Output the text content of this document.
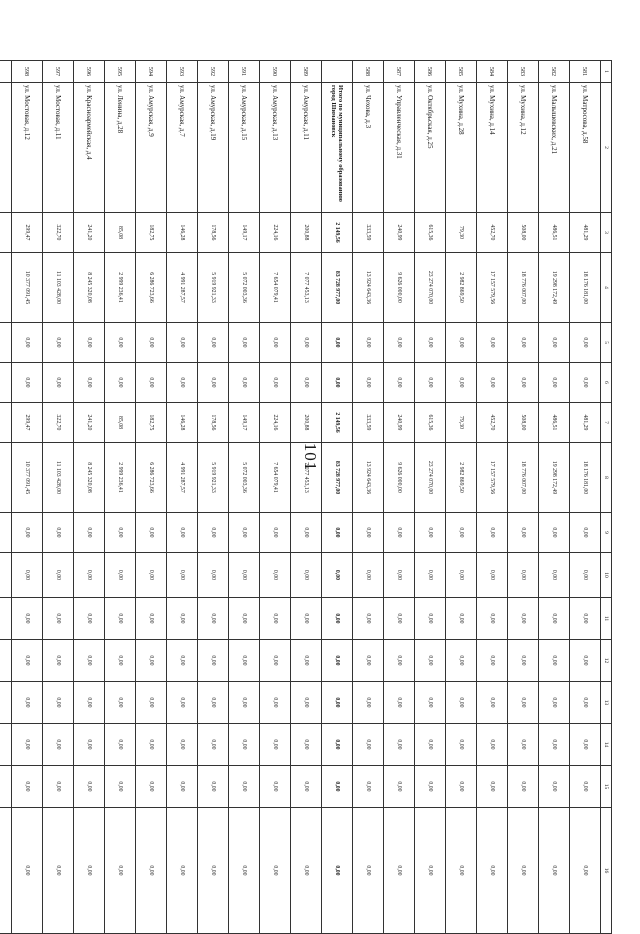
101
1	2	3	4	5	6	7	8	9	10	11	12	13	14	15	16
581	ул. Матросова, д.58	481,29	18 176 181,00	0,00	0,00	481,29	18 176 181,00	0,00	0,00	0,00	0,00	0,00	0,00	0,00	0,00
582	ул. Малышевских, д.21	486,51	19 298 172,49	0,00	0,00	486,51	19 298 172,49	0,00	0,00	0,00	0,00	0,00	0,00	0,00	0,00
583	ул. Мухина, д.12	508,00	18 776 007,00	0,00	0,00	508,00	18 776 007,00	0,00	0,00	0,00	0,00	0,00	0,00	0,00	0,00
584	ул. Мухина, д.14	452,70	17 157 579,56	0,00	0,00	452,70	17 157 579,56	0,00	0,00	0,00	0,00	0,00	0,00	0,00	0,00
585	ул. Мухина, д.28	79,30	2 982 869,50	0,00	0,00	79,30	2 982 869,50	0,00	0,00	0,00	0,00	0,00	0,00	0,00	0,00
586	ул. Октябрьская, д.25	615,36	23 274 070,00	0,00	0,00	615,36	23 274 070,00	0,00	0,00	0,00	0,00	0,00	0,00	0,00	0,00
587	ул. Управленческая, д.31	240,99	9 626 000,00	0,00	0,00	240,99	9 626 000,00	0,00	0,00	0,00	0,00	0,00	0,00	0,00	0,00
588	ул. Чехова, д.3	333,59	13 924 643,36	0,00	0,00	333,59	13 924 643,36	0,00	0,00	0,00	0,00	0,00	0,00	0,00	0,00
	Итого по муниципальному образованию город Шимановск	2 149,56	83 728 977,00	0,00	0,00	2 149,56	83 728 977,00	0,00	0,00	0,00	0,00	0,00	0,00	0,00	0,00
589	ул. Амурская, д.11	200,88	7 077 453,13	0,00	0,00	200,88	7 077 453,13	0,00	0,00	0,00	0,00	0,00	0,00	0,00	0,00
590	ул. Амурская, д.13	224,16	7 654 079,41	0,00	0,00	224,16	7 654 079,41	0,00	0,00	0,00	0,00	0,00	0,00	0,00	0,00
591	ул. Амурская, д.15	149,17	5 072 003,36	0,00	0,00	149,17	5 072 003,36	0,00	0,00	0,00	0,00	0,00	0,00	0,00	0,00
592	ул. Амурская, д.19	178,56	5 919 921,33	0,00	0,00	178,56	5 919 921,33	0,00	0,00	0,00	0,00	0,00	0,00	0,00	0,00
593	ул. Амурская, д.7	146,28	4 991 287,57	0,00	0,00	146,28	4 991 287,57	0,00	0,00	0,00	0,00	0,00	0,00	0,00	0,00
594	ул. Амурская, д.9	182,75	6 286 723,66	0,00	0,00	182,75	6 286 723,66	0,00	0,00	0,00	0,00	0,00	0,00	0,00	0,00
595	ул. Ленина, д.28	85,08	2 999 236,41	0,00	0,00	85,08	2 999 236,41	0,00	0,00	0,00	0,00	0,00	0,00	0,00	0,00
596	ул. Красноармейская, д.4	241,20	8 245 320,08	0,00	0,00	241,20	8 245 320,08	0,00	0,00	0,00	0,00	0,00	0,00	0,00	0,00
597	ул. Мостовая, д.11	322,70	11 103 428,00	0,00	0,00	322,70	11 103 428,00	0,00	0,00	0,00	0,00	0,00	0,00	0,00	0,00
598	ул. Мостовая, д.12	299,47	10 377 091,45	0,00	0,00	299,47	10 377 091,45	0,00	0,00	0,00	0,00	0,00	0,00	0,00	0,00
